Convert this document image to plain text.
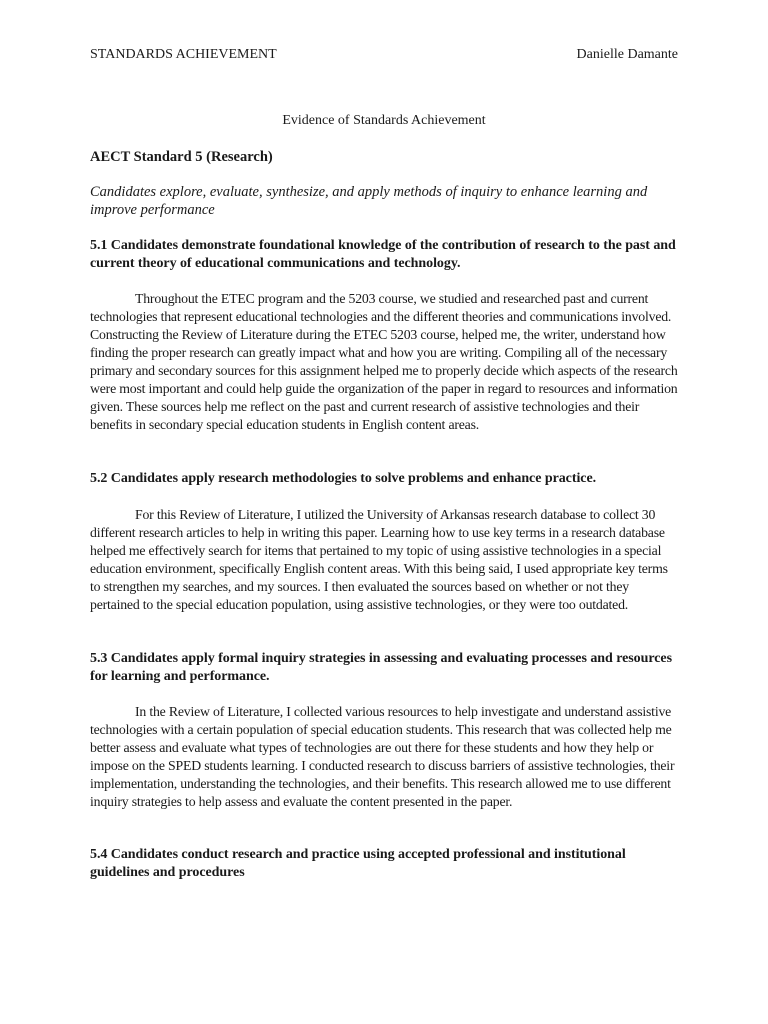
STANDARDS ACHIEVEMENT	Danielle Damante
Evidence of Standards Achievement
AECT Standard 5 (Research)
Candidates explore, evaluate, synthesize, and apply methods of inquiry to enhance learning and improve performance
5.1 Candidates demonstrate foundational knowledge of the contribution of research to the past and current theory of educational communications and technology.
Throughout the ETEC program and the 5203 course, we studied and researched past and current technologies that represent educational technologies and the different theories and communications involved. Constructing the Review of Literature during the ETEC 5203 course, helped me, the writer, understand how finding the proper research can greatly impact what and how you are writing. Compiling all of the necessary primary and secondary sources for this assignment helped me to properly decide which aspects of the research were most important and could help guide the organization of the paper in regard to resources and information given. These sources help me reflect on the past and current research of assistive technologies and their benefits in secondary special education students in English content areas.
5.2 Candidates apply research methodologies to solve problems and enhance practice.
For this Review of Literature, I utilized the University of Arkansas research database to collect 30 different research articles to help in writing this paper. Learning how to use key terms in a research database helped me effectively search for items that pertained to my topic of using assistive technologies in a special education environment, specifically English content areas. With this being said, I used appropriate key terms to strengthen my searches, and my sources. I then evaluated the sources based on whether or not they pertained to the special education population, using assistive technologies, or they were too outdated.
5.3 Candidates apply formal inquiry strategies in assessing and evaluating processes and resources for learning and performance.
In the Review of Literature, I collected various resources to help investigate and understand assistive technologies with a certain population of special education students. This research that was collected help me better assess and evaluate what types of technologies are out there for these students and how they help or impose on the SPED students learning. I conducted research to discuss barriers of assistive technologies, their implementation, understanding the technologies, and their benefits. This research allowed me to use different inquiry strategies to help assess and evaluate the content presented in the paper.
5.4 Candidates conduct research and practice using accepted professional and institutional guidelines and procedures
